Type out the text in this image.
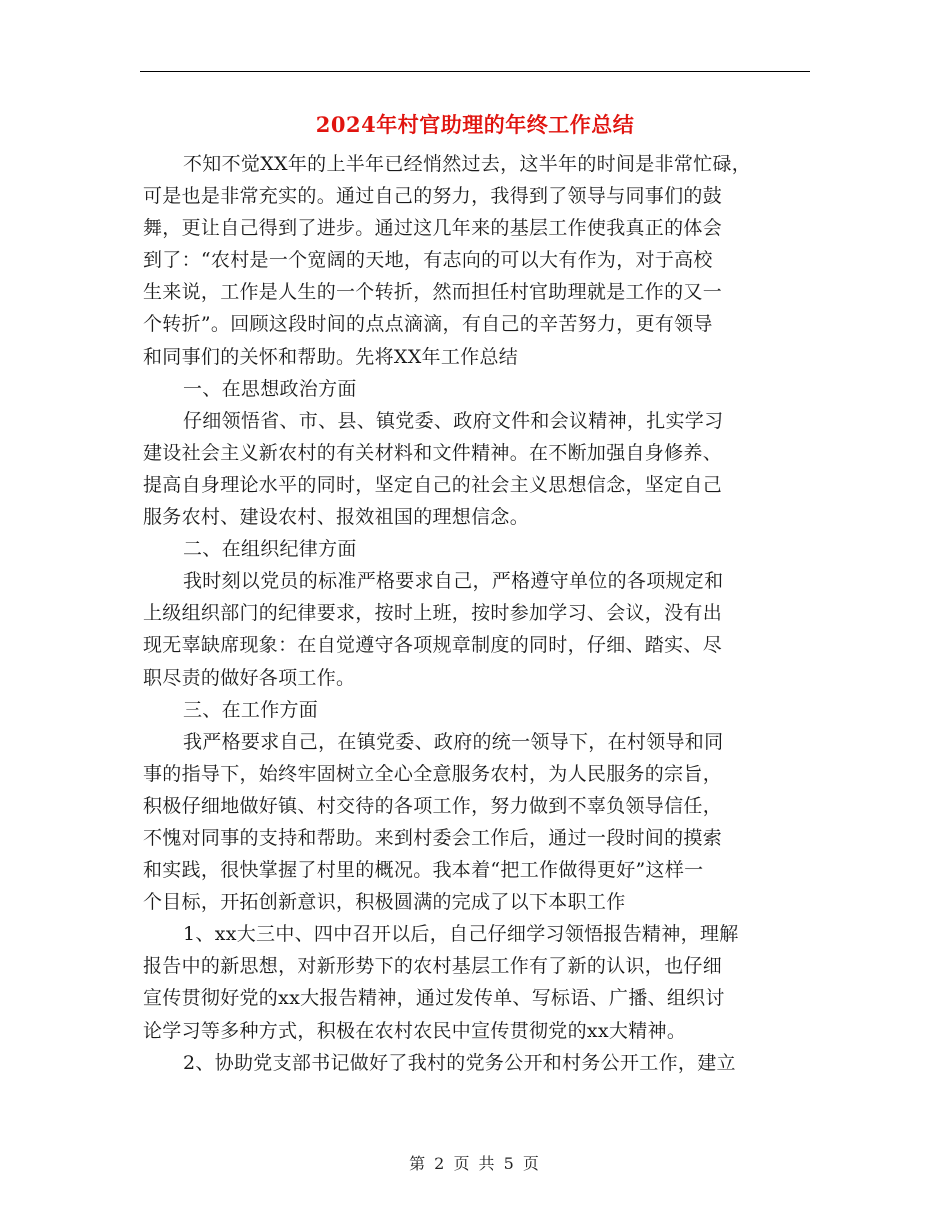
2024年村官助理的年终工作总结
不知不觉XX年的上半年已经悄然过去，这半年的时间是非常忙碌，
可是也是非常充实的。通过自己的努力，我得到了领导与同事们的鼓
舞，更让自己得到了进步。通过这几年来的基层工作使我真正的体会
到了：“农村是一个宽阔的天地，有志向的可以大有作为，对于高校
生来说，工作是人生的一个转折，然而担任村官助理就是工作的又一
个转折”。回顾这段时间的点点滴滴，有自己的辛苦努力，更有领导
和同事们的关怀和帮助。先将XX年工作总结
一、在思想政治方面
仔细领悟省、市、县、镇党委、政府文件和会议精神，扎实学习
建设社会主义新农村的有关材料和文件精神。在不断加强自身修养、
提高自身理论水平的同时，坚定自己的社会主义思想信念，坚定自己
服务农村、建设农村、报效祖国的理想信念。
二、在组织纪律方面
我时刻以党员的标准严格要求自己，严格遵守单位的各项规定和
上级组织部门的纪律要求，按时上班，按时参加学习、会议，没有出
现无辜缺席现象：在自觉遵守各项规章制度的同时，仔细、踏实、尽
职尽责的做好各项工作。
三、在工作方面
我严格要求自己，在镇党委、政府的统一领导下，在村领导和同
事的指导下，始终牢固树立全心全意服务农村，为人民服务的宗旨，
积极仔细地做好镇、村交待的各项工作，努力做到不辜负领导信任，
不愧对同事的支持和帮助。来到村委会工作后，通过一段时间的摸索
和实践，很快掌握了村里的概况。我本着“把工作做得更好”这样一
个目标，开拓创新意识，积极圆满的完成了以下本职工作
1、xx大三中、四中召开以后，自己仔细学习领悟报告精神，理解
报告中的新思想，对新形势下的农村基层工作有了新的认识，也仔细
宣传贯彻好党的xx大报告精神，通过发传单、写标语、广播、组织讨
论学习等多种方式，积极在农村农民中宣传贯彻党的xx大精神。
2、协助党支部书记做好了我村的党务公开和村务公开工作，建立
第 2 页 共 5 页
